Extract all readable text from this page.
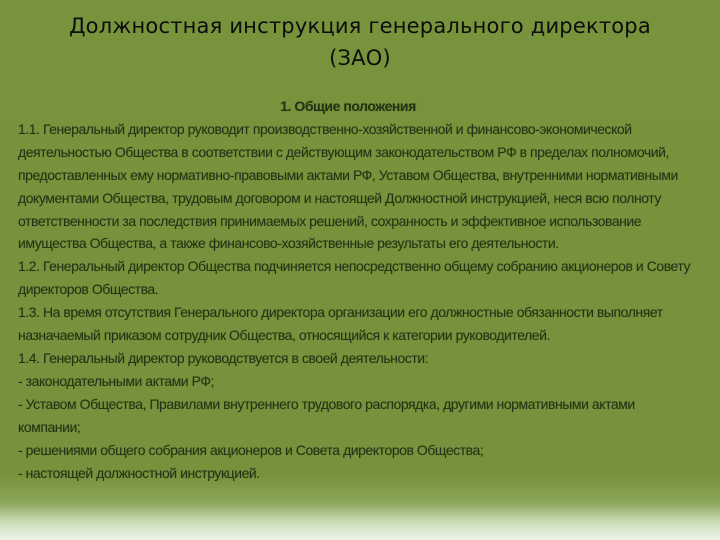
Должностная инструкция генерального директора
(ЗАО)

1. Общие положения

1.1. Генеральный директор руководит производственно-хозяйственной и финансово-экономической

деятельностью Общества в соответствии с действующим законодательством РФ в пределах полномочий,

предоставленных ему нормативно-правовыми актами РФ, Уставом Общества, внутренними нормативными

документами Общества, трудовым договором и настоящей Должностной инструкцией, неся всю полноту

ответственности за последствия принимаемых решений, сохранность и эффективное использование

имущества Общества, а также финансово-хозяйственные результаты его деятельности.

1.2. Генеральный директор Общества подчиняется непосредственно общему собранию акционеров и Совету

директоров Общества.

1.3. На время отсутствия Генерального директора организации его должностные обязанности выполняет

назначаемый приказом сотрудник Общества, относящийся к категории руководителей.

1.4. Генеральный директор руководствуется в своей деятельности:

- законодательными актами РФ;

- Уставом Общества, Правилами внутреннего трудового распорядка, другими нормативными актами

компании;

- решениями общего собрания акционеров и Совета директоров Общества;

- настоящей должностной инструкцией.
